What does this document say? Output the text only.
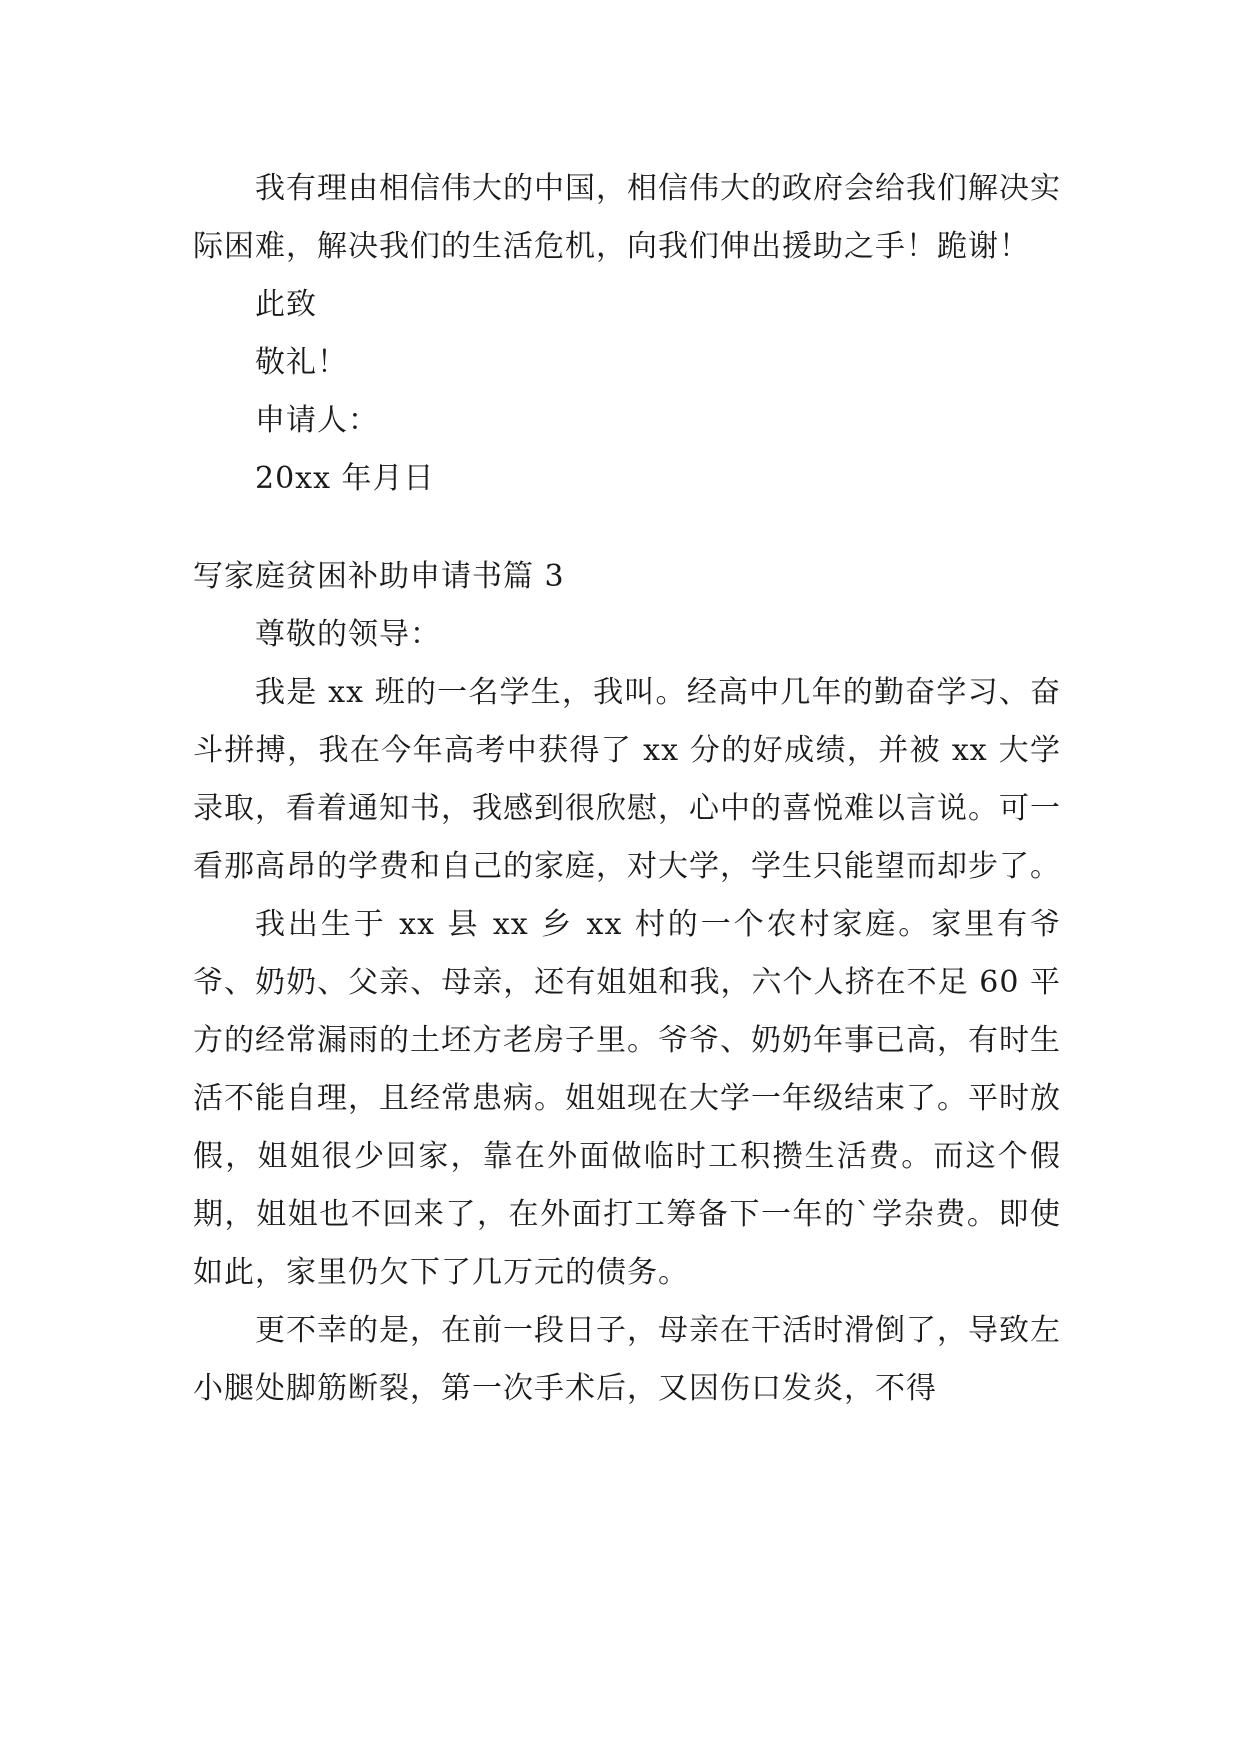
我有理由相信伟大的中国，相信伟大的政府会给我们解决实际困难，解决我们的生活危机，向我们伸出援助之手！跪谢！

此致

敬礼！

申请人：

20xx 年月日

写家庭贫困补助申请书篇 3

尊敬的领导：

我是 xx 班的一名学生，我叫。经高中几年的勤奋学习、奋斗拼搏，我在今年高考中获得了 xx 分的好成绩，并被 xx 大学录取，看着通知书，我感到很欣慰，心中的喜悦难以言说。可一看那高昂的学费和自己的家庭，对大学，学生只能望而却步了。

我出生于 xx 县 xx 乡 xx 村的一个农村家庭。家里有爷爷、奶奶、父亲、母亲，还有姐姐和我，六个人挤在不足 60 平方的经常漏雨的土坯方老房子里。爷爷、奶奶年事已高，有时生活不能自理，且经常患病。姐姐现在大学一年级结束了。平时放假，姐姐很少回家，靠在外面做临时工积攒生活费。而这个假期，姐姐也不回来了，在外面打工筹备下一年的`学杂费。即使如此，家里仍欠下了几万元的债务。

更不幸的是，在前一段日子，母亲在干活时滑倒了，导致左小腿处脚筋断裂，第一次手术后，又因伤口发炎，不得
